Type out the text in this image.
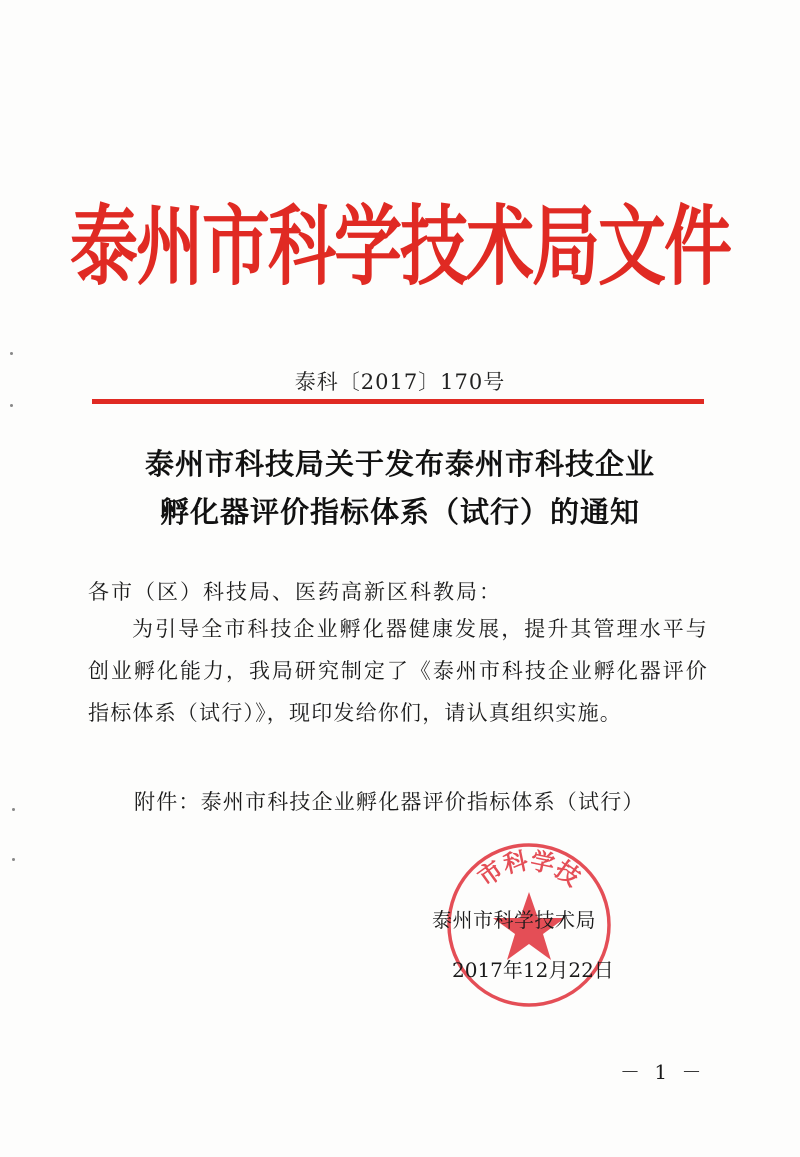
泰州市科学技术局文件
泰科〔2017〕170号
泰州市科技局关于发布泰州市科技企业
孵化器评价指标体系（试行）的通知
各市（区）科技局、医药高新区科教局：
为引导全市科技企业孵化器健康发展，提升其管理水平与创业孵化能力，我局研究制定了《泰州市科技企业孵化器评价指标体系（试行）》，现印发给你们，请认真组织实施。
附件：泰州市科技企业孵化器评价指标体系（试行）
市科学技
泰州市科学技术局
2017年12月22日
－ 1 －
